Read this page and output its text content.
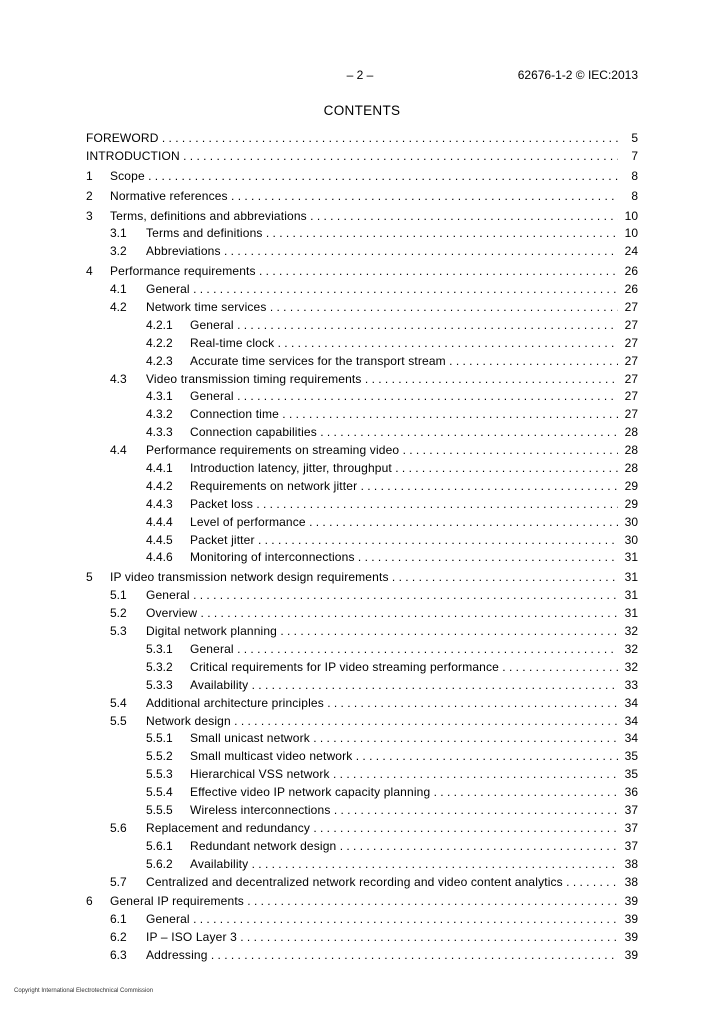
– 2 –	62676-1-2 © IEC:2013
CONTENTS
FOREWORD . . .	5
INTRODUCTION . . .	7
1 Scope . . .	8
2 Normative references . . .	8
3 Terms, definitions and abbreviations . . .	10
3.1 Terms and definitions . . .	10
3.2 Abbreviations . . .	24
4 Performance requirements . . .	26
4.1 General . . .	26
4.2 Network time services . . .	27
4.2.1 General . . .	27
4.2.2 Real-time clock . . .	27
4.2.3 Accurate time services for the transport stream . . .	27
4.3 Video transmission timing requirements . . .	27
4.3.1 General . . .	27
4.3.2 Connection time . . .	27
4.3.3 Connection capabilities . . .	28
4.4 Performance requirements on streaming video . . .	28
4.4.1 Introduction latency, jitter, throughput . . .	28
4.4.2 Requirements on network jitter . . .	29
4.4.3 Packet loss . . .	29
4.4.4 Level of performance . . .	30
4.4.5 Packet jitter . . .	30
4.4.6 Monitoring of interconnections . . .	31
5 IP video transmission network design requirements . . .	31
5.1 General . . .	31
5.2 Overview . . .	31
5.3 Digital network planning . . .	32
5.3.1 General . . .	32
5.3.2 Critical requirements for IP video streaming performance . . .	32
5.3.3 Availability . . .	33
5.4 Additional architecture principles . . .	34
5.5 Network design . . .	34
5.5.1 Small unicast network . . .	34
5.5.2 Small multicast video network . . .	35
5.5.3 Hierarchical VSS network . . .	35
5.5.4 Effective video IP network capacity planning . . .	36
5.5.5 Wireless interconnections . . .	37
5.6 Replacement and redundancy . . .	37
5.6.1 Redundant network design . . .	37
5.6.2 Availability . . .	38
5.7 Centralized and decentralized network recording and video content analytics . . .	38
6 General IP requirements . . .	39
6.1 General . . .	39
6.2 IP – ISO Layer 3 . . .	39
6.3 Addressing . . .	39
Copyright International Electrotechnical Commission
